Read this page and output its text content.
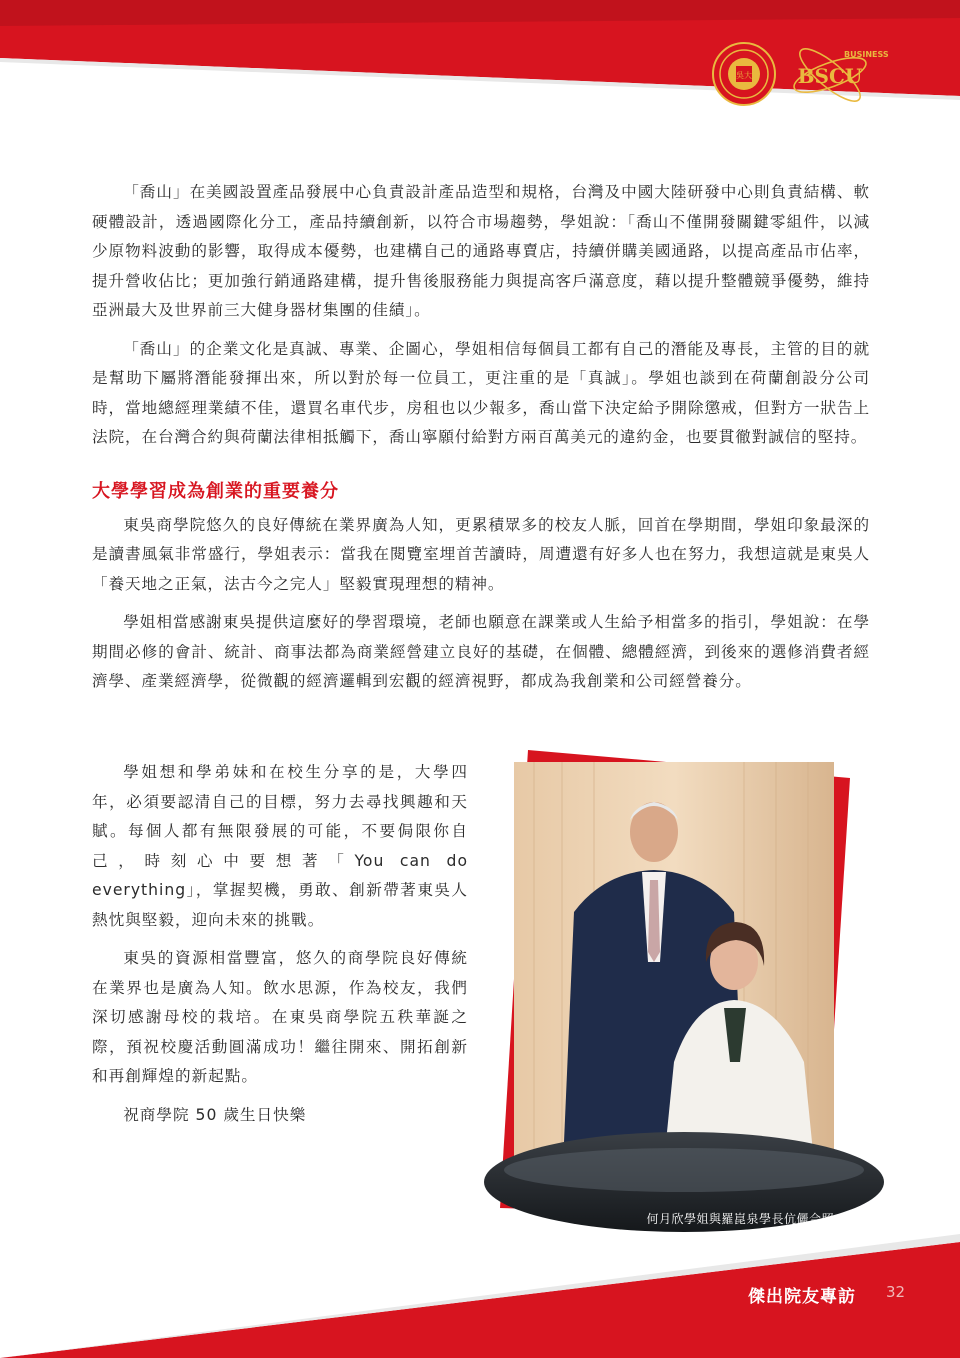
東吳大學
BUSINESS
BSCU

「喬山」在美國設置產品發展中心負責設計產品造型和規格，台灣及中國大陸研發中心則負責結構、軟硬體設計，透過國際化分工，產品持續創新，以符合市場趨勢，學姐說：「喬山不僅開發關鍵零組件，以減少原物料波動的影響，取得成本優勢，也建構自己的通路專賣店，持續併購美國通路，以提高產品市佔率，提升營收佔比；更加強行銷通路建構，提升售後服務能力與提高客戶滿意度，藉以提升整體競爭優勢，維持亞洲最大及世界前三大健身器材集團的佳績」。

「喬山」的企業文化是真誠、專業、企圖心，學姐相信每個員工都有自己的潛能及專長，主管的目的就是幫助下屬將潛能發揮出來，所以對於每一位員工，更注重的是「真誠」。學姐也談到在荷蘭創設分公司時，當地總經理業績不佳，還買名車代步，房租也以少報多，喬山當下決定給予開除懲戒，但對方一狀告上法院，在台灣合約與荷蘭法律相抵觸下，喬山寧願付給對方兩百萬美元的違約金，也要貫徹對誠信的堅持。

大學學習成為創業的重要養分

東吳商學院悠久的良好傳統在業界廣為人知，更累積眾多的校友人脈，回首在學期間，學姐印象最深的是讀書風氣非常盛行，學姐表示：當我在閱覽室埋首苦讀時，周遭還有好多人也在努力，我想這就是東吳人「養天地之正氣，法古今之完人」堅毅實現理想的精神。

學姐相當感謝東吳提供這麼好的學習環境，老師也願意在課業或人生給予相當多的指引，學姐說：在學期間必修的會計、統計、商事法都為商業經營建立良好的基礎，在個體、總體經濟，到後來的選修消費者經濟學、產業經濟學，從微觀的經濟邏輯到宏觀的經濟視野，都成為我創業和公司經營養分。

學姐想和學弟妹和在校生分享的是，大學四年，必須要認清自己的目標，努力去尋找興趣和天賦。每個人都有無限發展的可能，不要侷限你自己，時刻心中要想著「You can do everything」，掌握契機，勇敢、創新帶著東吳人熱忱與堅毅，迎向未來的挑戰。

東吳的資源相當豐富，悠久的商學院良好傳統在業界也是廣為人知。飲水思源，作為校友，我們深切感謝母校的栽培。在東吳商學院五秩華誕之際，預祝校慶活動圓滿成功！繼往開來、開拓創新和再創輝煌的新起點。

祝商學院 50 歲生日快樂

何月欣學姐與羅崑泉學長伉儷合照
傑出院友專訪 32
